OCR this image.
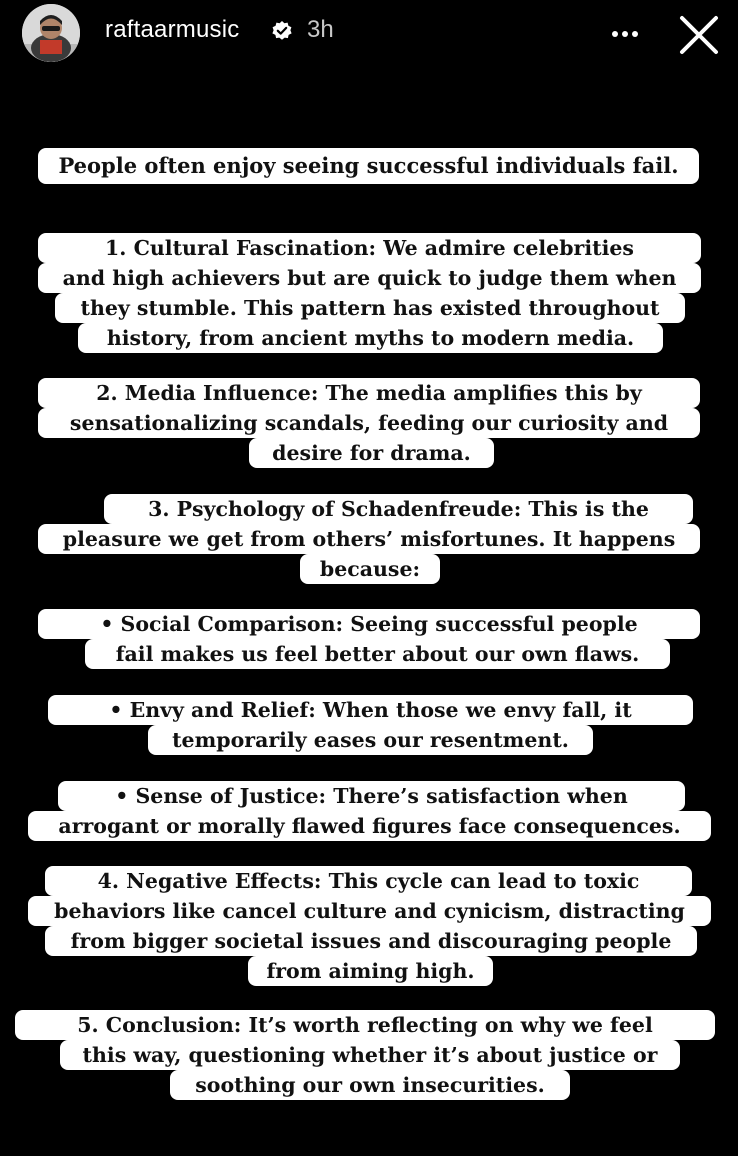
raftaarmusic	3h
People often enjoy seeing successful individuals fail.
1. Cultural Fascination: We admire celebrities
and high achievers but are quick to judge them when
they stumble. This pattern has existed throughout
history, from ancient myths to modern media.
2. Media Influence: The media amplifies this by
sensationalizing scandals, feeding our curiosity and
desire for drama.
3. Psychology of Schadenfreude: This is the
pleasure we get from others’ misfortunes. It happens
because:
• Social Comparison: Seeing successful people
fail makes us feel better about our own flaws.
• Envy and Relief: When those we envy fall, it
temporarily eases our resentment.
• Sense of Justice: There’s satisfaction when
arrogant or morally flawed figures face consequences.
4. Negative Effects: This cycle can lead to toxic
behaviors like cancel culture and cynicism, distracting
from bigger societal issues and discouraging people
from aiming high.
5. Conclusion: It’s worth reflecting on why we feel
this way, questioning whether it’s about justice or
soothing our own insecurities.
